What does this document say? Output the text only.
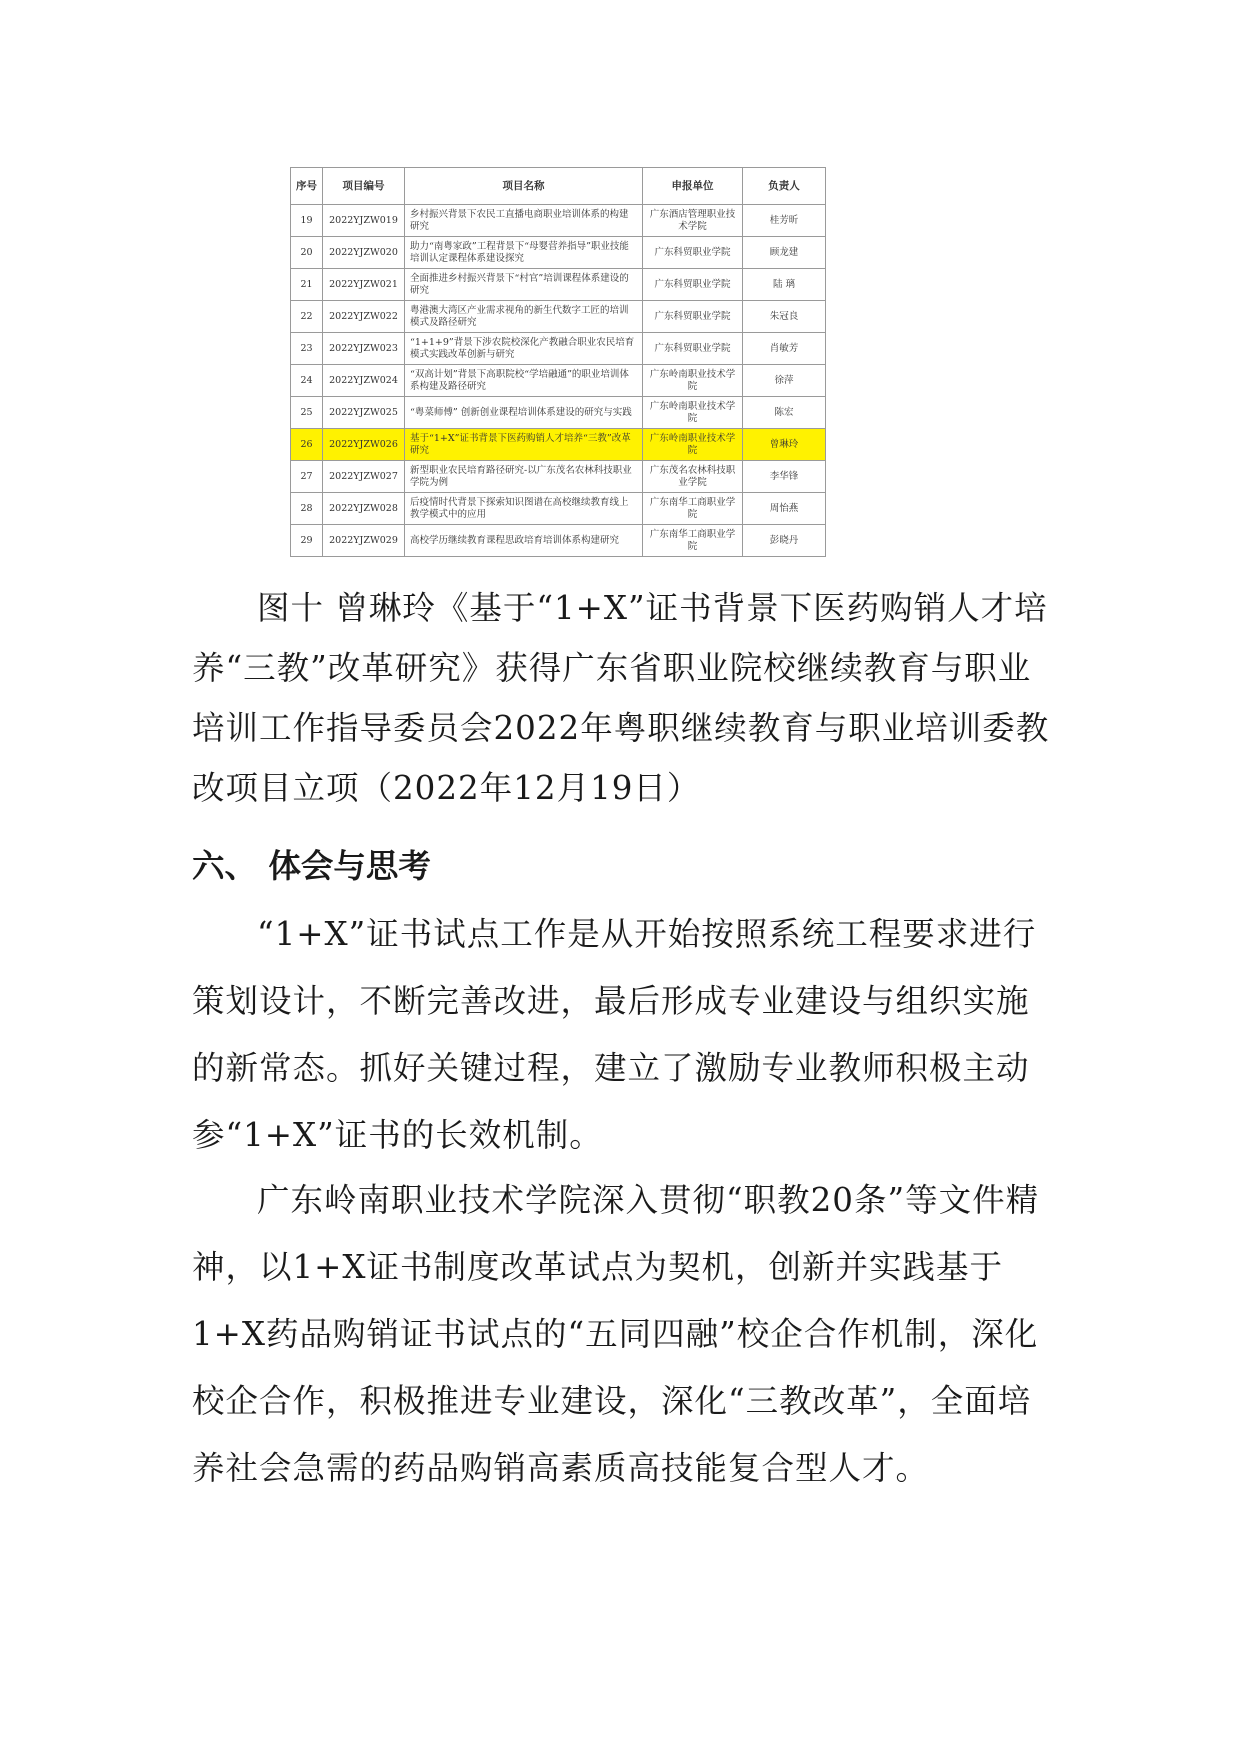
序号	项目编号	项目名称	申报单位	负责人
19	2022YJZW019	乡村振兴背景下农民工直播电商职业培训体系的构建研究	广东酒店管理职业技术学院	桂芳昕
20	2022YJZW020	助力“南粤家政”工程背景下“母婴营养指导”职业技能培训认定课程体系建设探究	广东科贸职业学院	顾龙建
21	2022YJZW021	全面推进乡村振兴背景下“村官”培训课程体系建设的研究	广东科贸职业学院	陆 璃
22	2022YJZW022	粤港澳大湾区产业需求视角的新生代数字工匠的培训模式及路径研究	广东科贸职业学院	朱冠良
23	2022YJZW023	“1+1+9”背景下涉农院校深化产教融合职业农民培育模式实践改革创新与研究	广东科贸职业学院	肖敏芳
24	2022YJZW024	“双高计划”背景下高职院校“学培融通”的职业培训体系构建及路径研究	广东岭南职业技术学院	徐萍
25	2022YJZW025	“粤菜师傅” 创新创业课程培训体系建设的研究与实践	广东岭南职业技术学院	陈宏
26	2022YJZW026	基于“1+X”证书背景下医药购销人才培养“三教”改革研究	广东岭南职业技术学院	曾琳玲
27	2022YJZW027	新型职业农民培育路径研究-以广东茂名农林科技职业学院为例	广东茂名农林科技职业学院	李华锋
28	2022YJZW028	后疫情时代背景下探索知识图谱在高校继续教育线上教学模式中的应用	广东南华工商职业学院	周怡燕
29	2022YJZW029	高校学历继续教育课程思政培育培训体系构建研究	广东南华工商职业学院	彭晓丹

图十 曾琳玲《基于“1+X”证书背景下医药购销人才培养“三教”改革研究》获得广东省职业院校继续教育与职业培训工作指导委员会2022年粤职继续教育与职业培训委教改项目立项（2022年12月19日）

六、 体会与思考

“1+X”证书试点工作是从开始按照系统工程要求进行策划设计，不断完善改进，最后形成专业建设与组织实施的新常态。抓好关键过程，建立了激励专业教师积极主动参“1+X”证书的长效机制。

广东岭南职业技术学院深入贯彻“职教20条”等文件精神，以1+X证书制度改革试点为契机，创新并实践基于1+X药品购销证书试点的“五同四融”校企合作机制，深化校企合作，积极推进专业建设，深化“三教改革”，全面培养社会急需的药品购销高素质高技能复合型人才。
